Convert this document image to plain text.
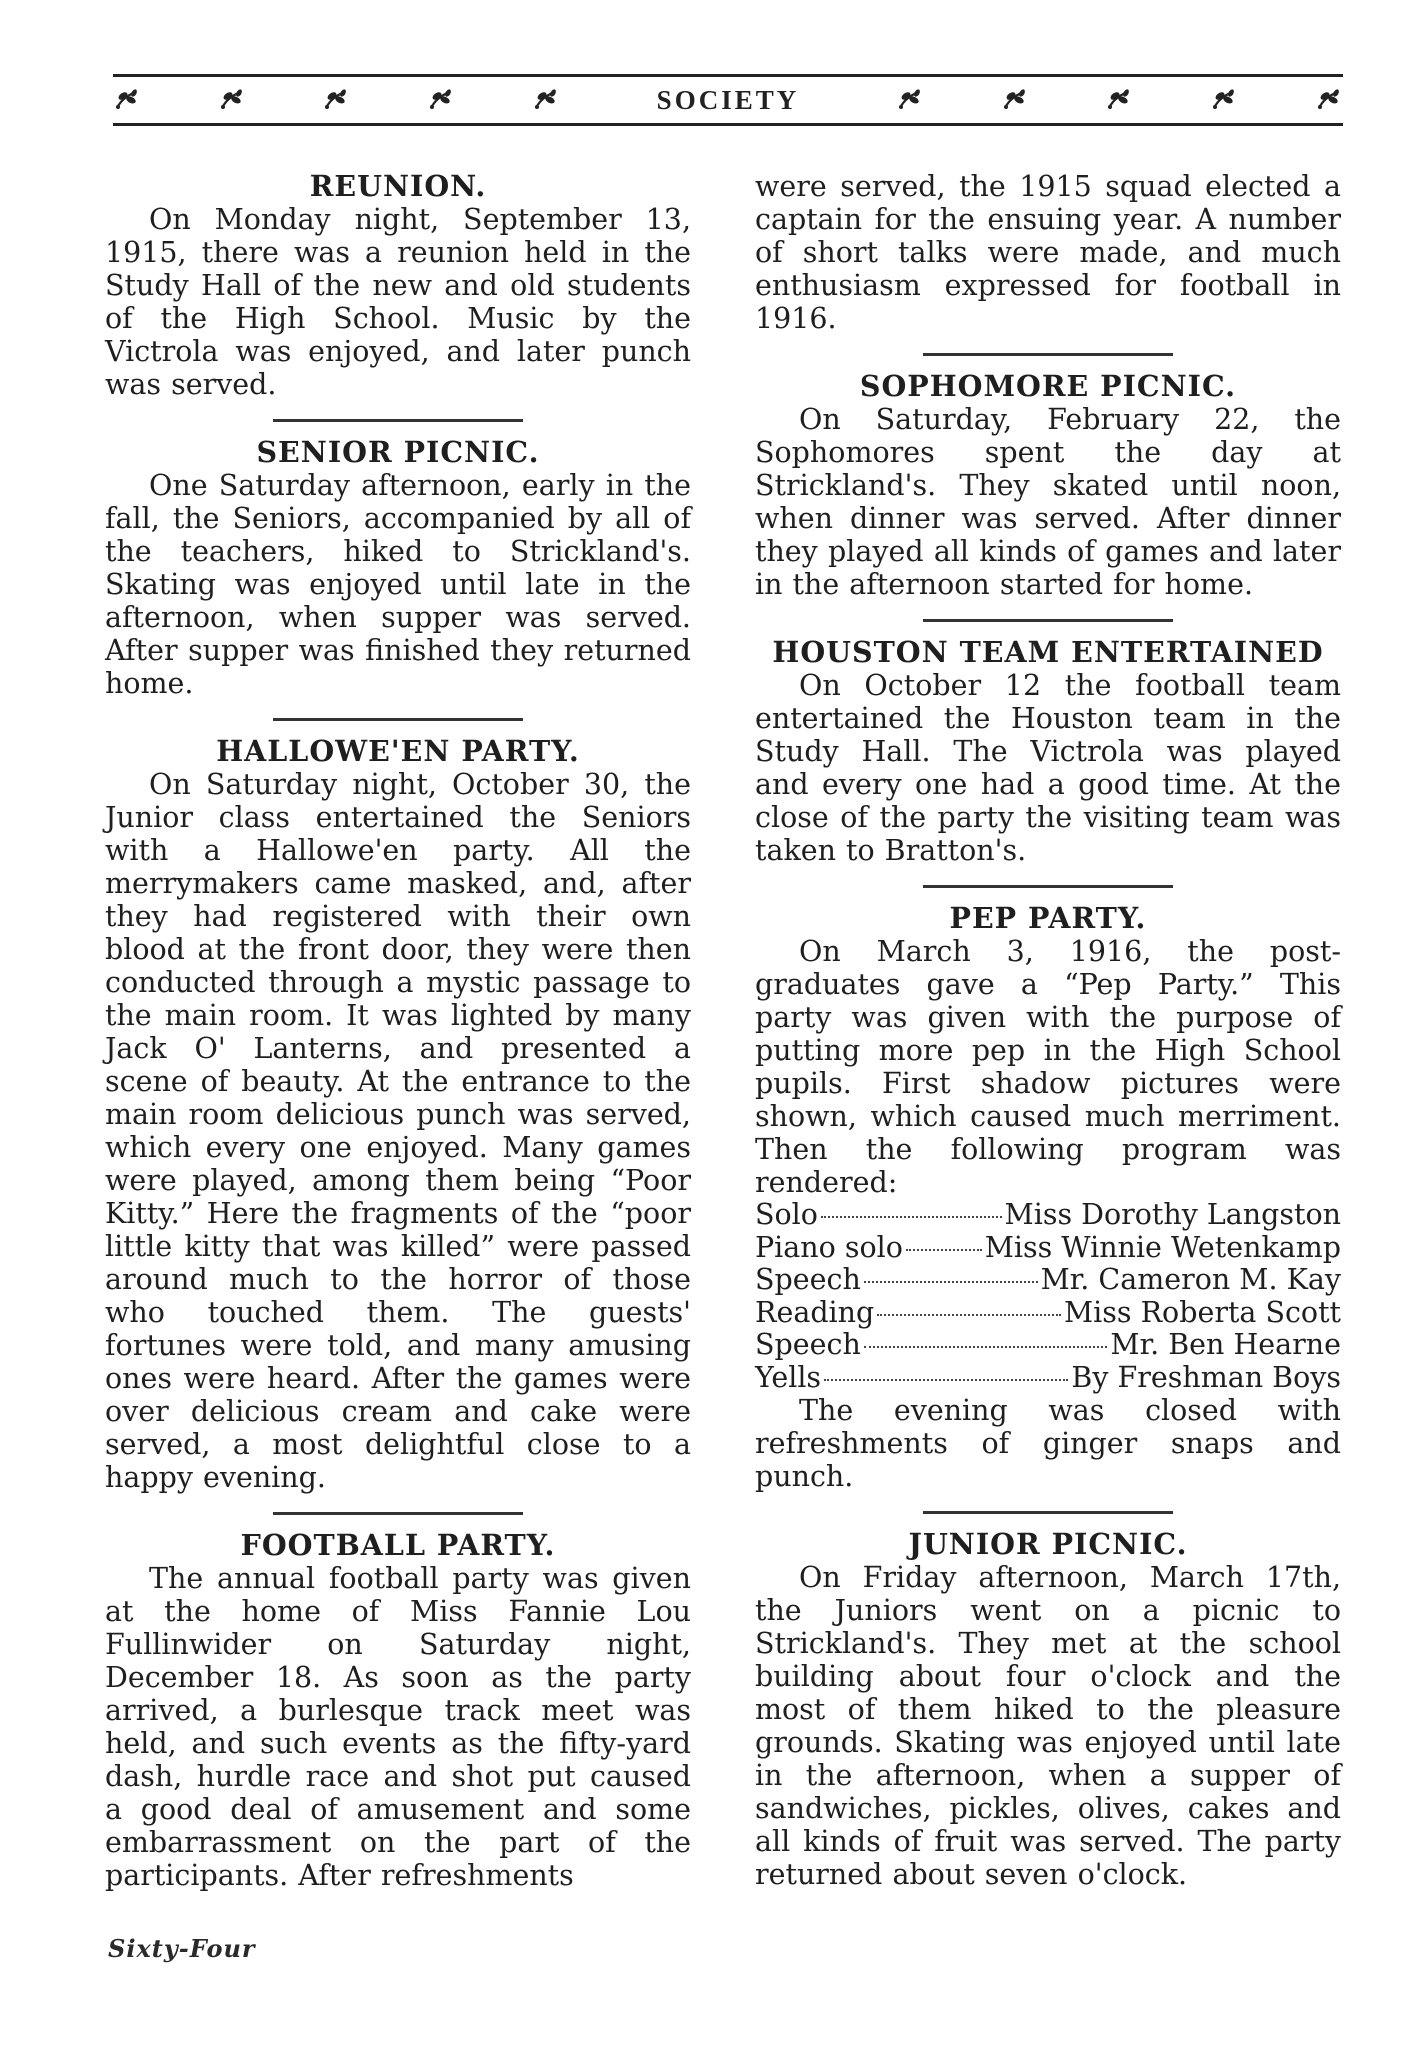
SOCIETY
REUNION.

On Monday night, September 13, 1915, there was a reunion held in the Study Hall of the new and old students of the High School. Music by the Victrola was enjoyed, and later punch was served.

SENIOR PICNIC.

One Saturday afternoon, early in the fall, the Seniors, accompanied by all of the teachers, hiked to Strickland's. Skating was enjoyed until late in the afternoon, when supper was served. After supper was finished they returned home.

HALLOWE'EN PARTY.

On Saturday night, October 30, the Junior class entertained the Seniors with a Hallowe'en party. All the merrymakers came masked, and, after they had registered with their own blood at the front door, they were then conducted through a mystic passage to the main room. It was lighted by many Jack O' Lanterns, and presented a scene of beauty. At the entrance to the main room delicious punch was served, which every one enjoyed. Many games were played, among them being “Poor Kitty.” Here the fragments of the “poor little kitty that was killed” were passed around much to the horror of those who touched them. The guests' fortunes were told, and many amusing ones were heard. After the games were over delicious cream and cake were served, a most delightful close to a happy evening.

FOOTBALL PARTY.

The annual football party was given at the home of Miss Fannie Lou Fullinwider on Saturday night, December 18. As soon as the party arrived, a burlesque track meet was held, and such events as the fifty-yard dash, hurdle race and shot put caused a good deal of amusement and some embarrassment on the part of the participants. After refreshments

were served, the 1915 squad elected a captain for the ensuing year. A number of short talks were made, and much enthusiasm expressed for football in 1916.

SOPHOMORE PICNIC.

On Saturday, February 22, the Sophomores spent the day at Strickland's. They skated until noon, when dinner was served. After dinner they played all kinds of games and later in the afternoon started for home.

HOUSTON TEAM ENTERTAINED

On October 12 the football team entertained the Houston team in the Study Hall. The Victrola was played and every one had a good time. At the close of the party the visiting team was taken to Bratton's.

PEP PARTY.

On March 3, 1916, the post-graduates gave a “Pep Party.” This party was given with the purpose of putting more pep in the High School pupils. First shadow pictures were shown, which caused much merriment. Then the following program was rendered:

Solo	Miss Dorothy Langston
Piano solo	Miss Winnie Wetenkamp
Speech	Mr. Cameron M. Kay
Reading	Miss Roberta Scott
Speech	Mr. Ben Hearne
Yells	By Freshman Boys

The evening was closed with refreshments of ginger snaps and punch.

JUNIOR PICNIC.

On Friday afternoon, March 17th, the Juniors went on a picnic to Strickland's. They met at the school building about four o'clock and the most of them hiked to the pleasure grounds. Skating was enjoyed until late in the afternoon, when a supper of sandwiches, pickles, olives, cakes and all kinds of fruit was served. The party returned about seven o'clock.

Sixty-Four
